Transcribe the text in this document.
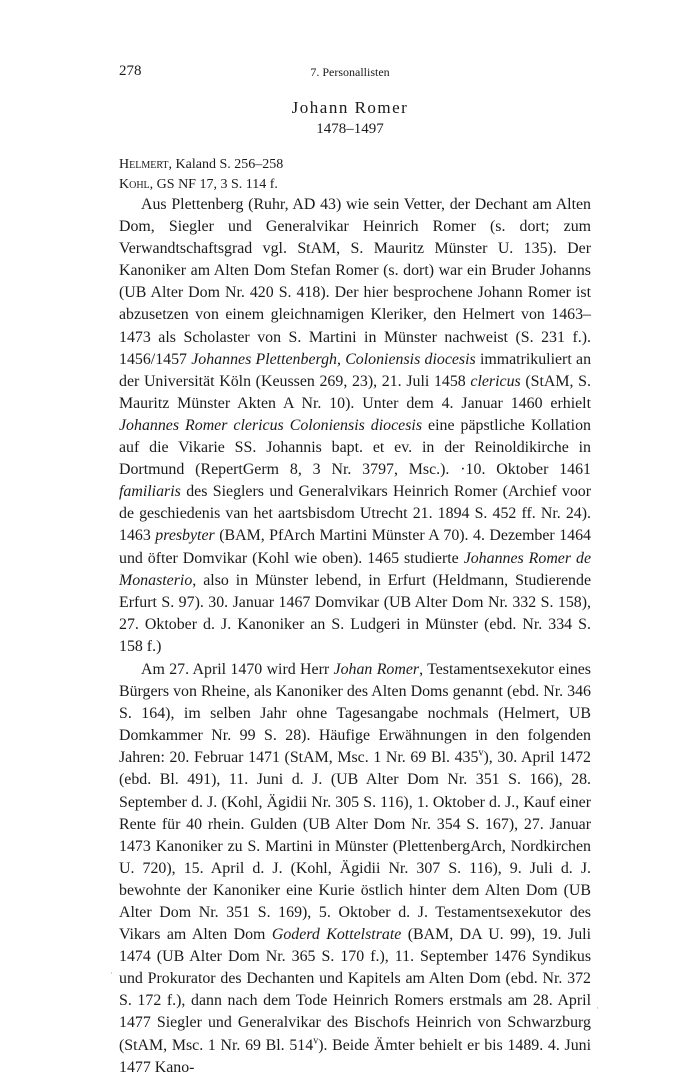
278	7. Personallisten
Johann Romer
1478–1497
Helmert, Kaland S. 256–258
Kohl, GS NF 17, 3 S. 114 f.

Aus Plettenberg (Ruhr, AD 43) wie sein Vetter, der Dechant am Alten Dom, Siegler und Generalvikar Heinrich Romer (s. dort; zum Verwandtschaftsgrad vgl. StAM, S. Mauritz Münster U. 135). Der Kanoniker am Alten Dom Stefan Romer (s. dort) war ein Bruder Johanns (UB Alter Dom Nr. 420 S. 418). Der hier besprochene Johann Romer ist abzusetzen von einem gleichnamigen Kleriker, den Helmert von 1463–1473 als Scholaster von S. Martini in Münster nachweist (S. 231 f.). 1456/1457 Johannes Plettenbergh, Coloniensis diocesis immatrikuliert an der Universität Köln (Keussen 269, 23), 21. Juli 1458 clericus (StAM, S. Mauritz Münster Akten A Nr. 10). Unter dem 4. Januar 1460 erhielt Johannes Romer clericus Coloniensis diocesis eine päpstliche Kollation auf die Vikarie SS. Johannis bapt. et ev. in der Reinoldikirche in Dortmund (RepertGerm 8, 3 Nr. 3797, Msc.). ·10. Oktober 1461 familiaris des Sieglers und Generalvikars Heinrich Romer (Archief voor de geschiedenis van het aartsbisdom Utrecht 21. 1894 S. 452 ff. Nr. 24). 1463 presbyter (BAM, PfArch Martini Münster A 70). 4. Dezember 1464 und öfter Domvikar (Kohl wie oben). 1465 studierte Johannes Romer de Monasterio, also in Münster lebend, in Erfurt (Heldmann, Studierende Erfurt S. 97). 30. Januar 1467 Domvikar (UB Alter Dom Nr. 332 S. 158), 27. Oktober d. J. Kanoniker an S. Ludgeri in Münster (ebd. Nr. 334 S. 158 f.)

Am 27. April 1470 wird Herr Johan Romer, Testamentsexekutor eines Bürgers von Rheine, als Kanoniker des Alten Doms genannt (ebd. Nr. 346 S. 164), im selben Jahr ohne Tagesangabe nochmals (Helmert, UB Domkammer Nr. 99 S. 28). Häufige Erwähnungen in den folgenden Jahren: 20. Februar 1471 (StAM, Msc. 1 Nr. 69 Bl. 435$^v$), 30. April 1472 (ebd. Bl. 491), 11. Juni d. J. (UB Alter Dom Nr. 351 S. 166), 28. September d. J. (Kohl, Ägidii Nr. 305 S. 116), 1. Oktober d. J., Kauf einer Rente für 40 rhein. Gulden (UB Alter Dom Nr. 354 S. 167), 27. Januar 1473 Kanoniker zu S. Martini in Münster (PlettenbergArch, Nordkirchen U. 720), 15. April d. J. (Kohl, Ägidii Nr. 307 S. 116), 9. Juli d. J. bewohnte der Kanoniker eine Kurie östlich hinter dem Alten Dom (UB Alter Dom Nr. 351 S. 169), 5. Oktober d. J. Testamentsexekutor des Vikars am Alten Dom Goderd Kottelstrate (BAM, DA U. 99), 19. Juli 1474 (UB Alter Dom Nr. 365 S. 170 f.), 11. September 1476 Syndikus und Prokurator des Dechanten und Kapitels am Alten Dom (ebd. Nr. 372 S. 172 f.), dann nach dem Tode Heinrich Romers erstmals am 28. April 1477 Siegler und Generalvikar des Bischofs Heinrich von Schwarzburg (StAM, Msc. 1 Nr. 69 Bl. 514$^v$). Beide Ämter behielt er bis 1489. 4. Juni 1477 Kano-

·
·
